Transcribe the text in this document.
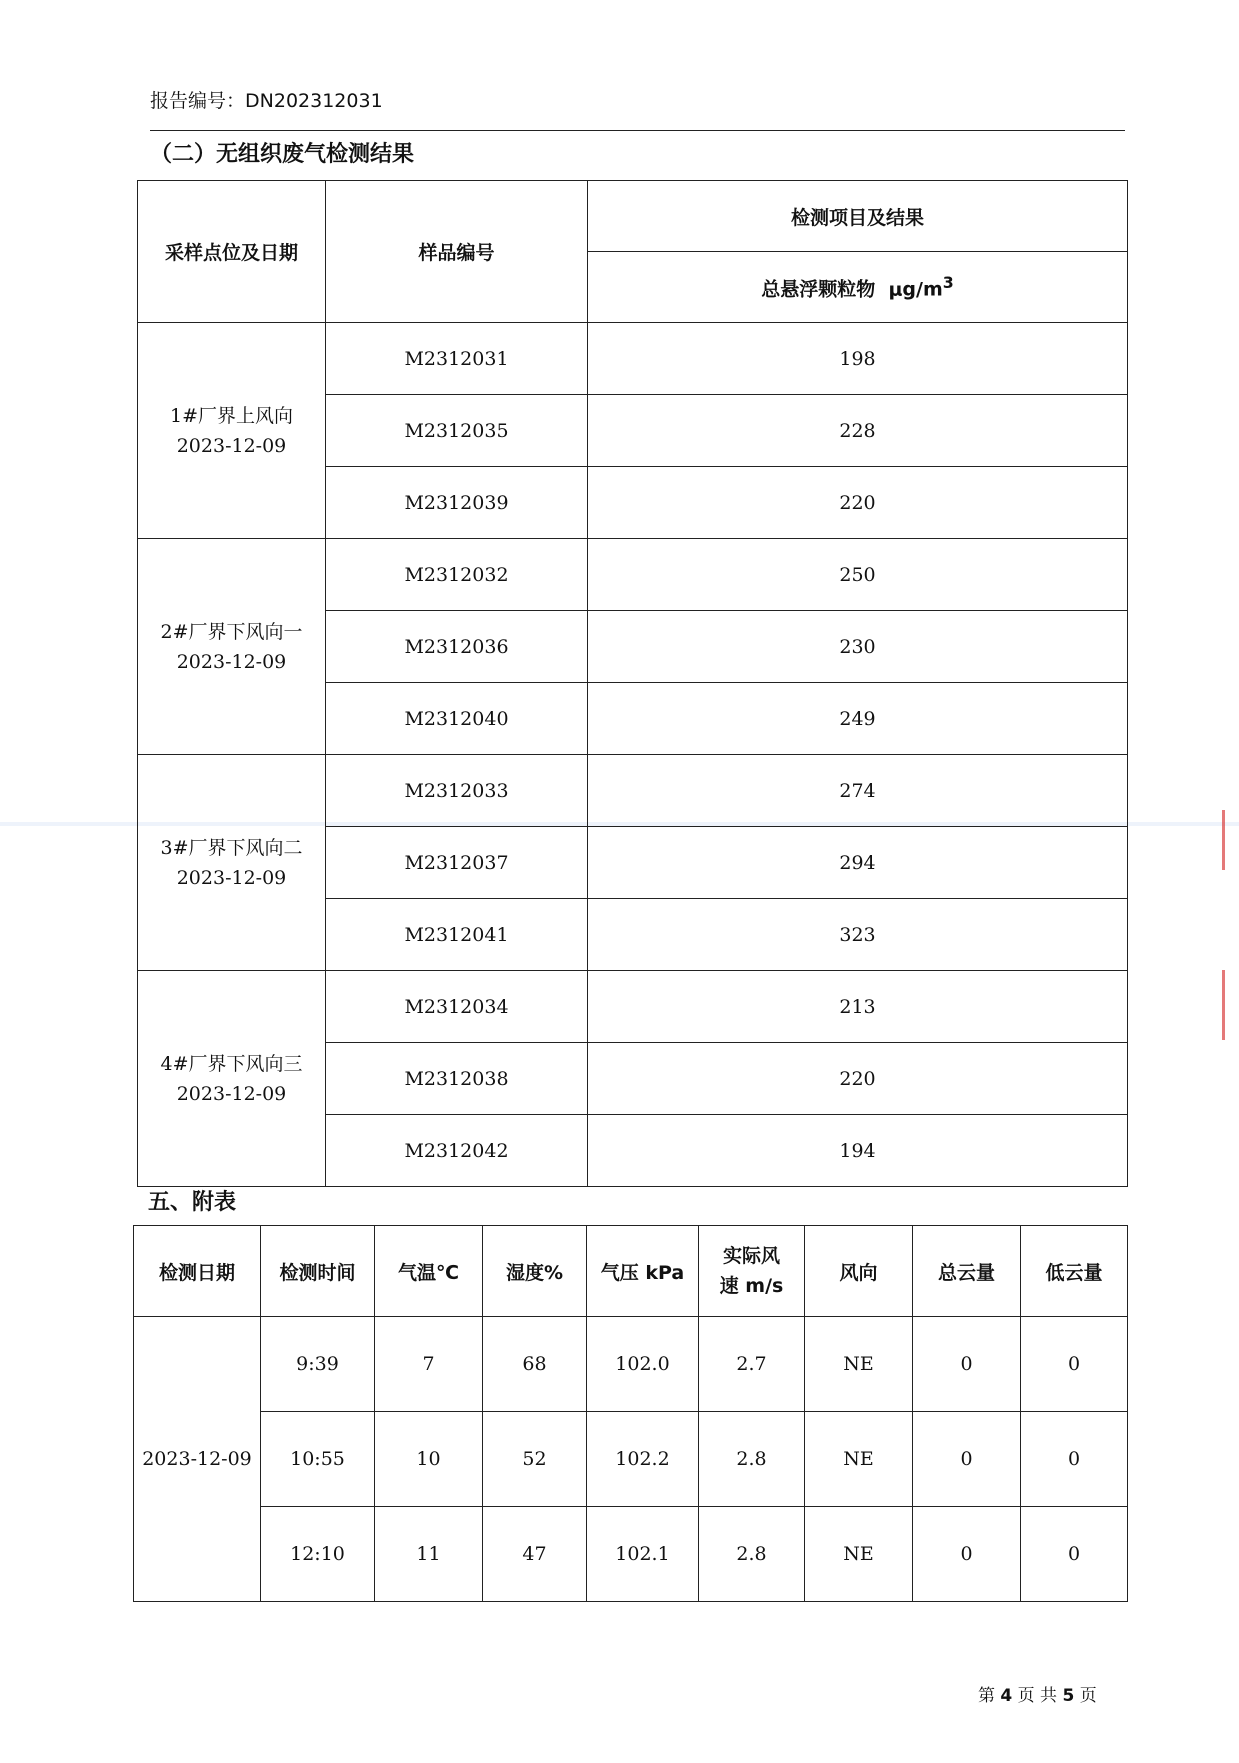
报告编号：DN202312031
（二）无组织废气检测结果
采样点位及日期	样品编号	检测项目及结果
		总悬浮颗粒物 $\mu g/m^3$

1#厂界上风向
2023-12-09	M2312031	198
	M2312035	228
	M2312039	220

2#厂界下风向一
2023-12-09	M2312032	250
	M2312036	230
	M2312040	249

3#厂界下风向二
2023-12-09	M2312033	274
	M2312037	294
	M2312041	323

4#厂界下风向三
2023-12-09	M2312034	213
	M2312038	220
	M2312042	194
五、附表
检测日期	检测时间	气温℃	湿度%	气压 kPa	实际风
速 m/s	风向	总云量	低云量
2023-12-09	9:39	7	68	102.0	2.7	NE	0	0
	10:55	10	52	102.2	2.8	NE	0	0
	12:10	11	47	102.1	2.8	NE	0	0
第 4 页 共 5 页
